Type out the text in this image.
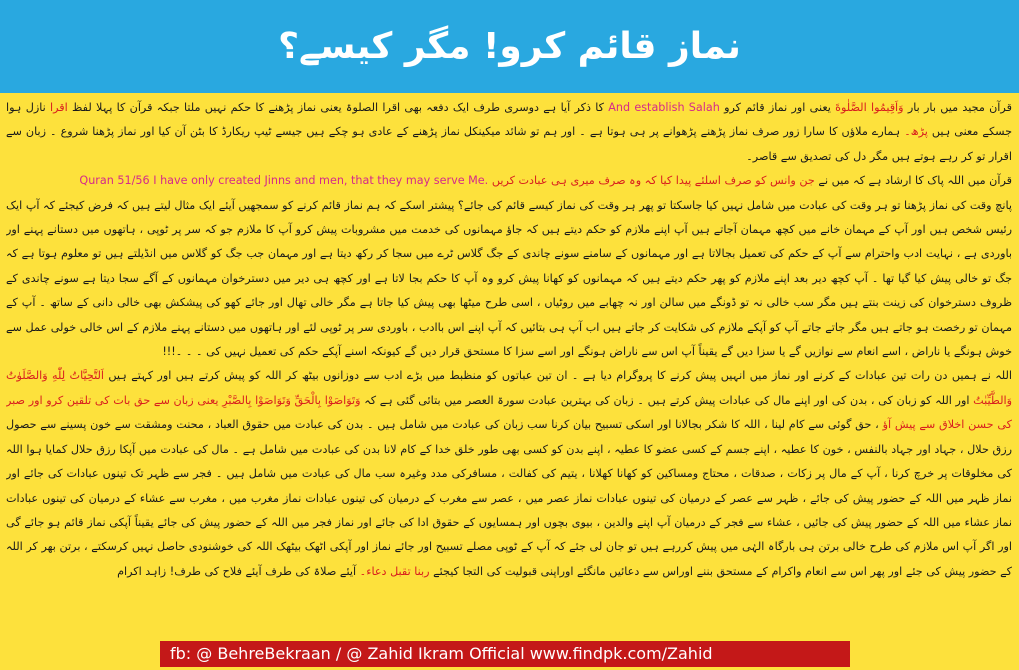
نماز قائم کرو! مگر کیسے؟

قرآن مجید میں بار بار وَاَقِيمُوا الصَّلٰوةَ یعنی اور نماز قائم کرو And establish Salah کا ذکر آیا ہے دوسری طرف ایک دفعہ بھی اقرا الصلوۃ یعنی نماز پڑھنے کا حکم نہیں ملتا جبکہ قرآن کا پہلا لفظ اقرا نازل ہوا جسکے معنی ہیں پڑھ۔ ہمارے ملاؤں کا سارا زور صرف نماز پڑھنے پڑھوانے پر ہی ہوتا ہے ۔ اور ہم تو شائد میکینکل نماز پڑھنے کے عادی ہو چکے ہیں جیسے ٹیپ ریکارڈ کا بٹن آن کیا اور نماز پڑھنا شروع ۔ زبان سے اقرار تو کر رہے ہوتے ہیں مگر دل کی تصدیق سے قاصر۔

قرآن میں اللہ پاک کا ارشاد ہے کہ میں نے جن وانس کو صرف اسلئے پیدا کیا کہ وہ صرف میری ہی عبادت کریں Quran 51/56 I have only created Jinns and men, that they may serve Me.

پانچ وقت کی نماز پڑھنا تو ہر وقت کی عبادت میں شامل نہیں کیا جاسکتا تو پھر ہر وقت کی نماز کیسے قائم کی جائے؟ پیشتر اسکے کہ ہم نماز قائم کرنے کو سمجھیں آیئے ایک مثال لیتے ہیں کہ فرض کیجئے کہ آپ ایک رئیس شخص ہیں اور آپ کے مہمان خانے میں کچھ مہمان آجاتے ہیں آپ اپنے ملازم کو حکم دیتے ہیں کہ جاؤ مہمانوں کی خدمت میں مشروبات پیش کرو آپ کا ملازم جو کہ سر پر ٹوپی ، ہاتھوں میں دستانے پہنے اور باوردی ہے ، نہایت ادب واحترام سے آپ کے حکم کی تعمیل بجالاتا ہے اور مہمانوں کے سامنے سونے چاندی کے جگ گلاس ٹرے میں سجا کر رکھ دیتا ہے اور مہمان جب جگ کو گلاس میں انڈیلتے ہیں تو معلوم ہوتا ہے کہ جگ تو خالی پیش کیا گیا تھا ۔ آپ کچھ دیر بعد اپنے ملازم کو پھر حکم دیتے ہیں کہ مہمانوں کو کھانا پیش کرو وہ آپ کا حکم بجا لاتا ہے اور کچھ ہی دیر میں دسترخوان مہمانوں کے آگے سجا دیتا ہے سونے چاندی کے ظروف دسترخوان کی زینت بنتے ہیں مگر سب خالی نہ تو ڈونگے میں سالن اور نہ چھابے میں روٹیاں ، اسی طرح میٹھا بھی پیش کیا جاتا ہے مگر خالی تھال اور جائے کھو کی پیشکش بھی خالی دانی کے ساتھ ۔ آپ کے مہمان تو رخصت ہو جاتے ہیں مگر جاتے جاتے آپ کو آپکے ملازم کی شکایت کر جاتے ہیں اب آپ ہی بتائیں کہ آپ اپنے اس باادب ، باوردی سر پر ٹوپی لئے اور ہاتھوں میں دستانے پہنے ملازم کے اس خالی خولی عمل سے خوش ہونگے یا ناراض ، اسے انعام سے نوازیں گے یا سزا دیں گے یقیناً آپ اس سے ناراض ہونگے اور اسے سزا کا مستحق قرار دیں گے کیونکہ اسنے آپکے حکم کی تعمیل نہیں کی ۔ ۔ ۔!!!

اللہ نے ہمیں دن رات تین عبادات کے کرنے اور نماز میں انہیں پیش کرنے کا پروگرام دیا ہے ۔ ان تین عباتوں کو منظبط میں بڑے ادب سے دوزانوں بیٹھ کر اللہ کو پیش کرتے ہیں اور کہتے ہیں اَلتَّحِيَّاتُ لِلّٰهِ وَالصَّلَوٰتُ وَالطَّيِّبٰتُ اور اللہ کو زبان کی ، بدن کی اور اپنے مال کی عبادات پیش کرتے ہیں ۔ زبان کی بہترین عبادت سورۃ العصر میں بتائی گئی ہے کہ وَتَوَاصَوْا بِالْحَقِّ وَتَوَاصَوْا بِالصَّبْرِ یعنی زبان سے حق بات کی تلقین کرو اور صبر کی حسن اخلاق سے پیش آؤ ، حق گوئی سے کام لینا ، اللہ کا شکر بجالانا اور اسکی تسبیح بیان کرنا سب زبان کی عبادت میں شامل ہیں ۔ بدن کی عبادت میں حقوق العباد ، محنت ومشقت سے خون پسینے سے حصول رزق حلال ، جہاد اور جہاد بالنفس ، خون کا عطیہ ، اپنے جسم کے کسی عضو کا عطیہ ، اپنے بدن کو کسی بھی طور خلق خدا کے کام لانا بدن کی عبادت میں شامل ہے ۔ مال کی عبادت میں آپکا رزق حلال کمایا ہوا اللہ کی مخلوقات پر خرچ کرنا ، آپ کے مال پر زکات ، صدقات ، محتاج ومساکین کو کھانا کھلانا ، یتیم کی کفالت ، مسافرکی مدد وغیرہ سب مال کی عبادت میں شامل ہیں ۔ فجر سے ظہر تک تینوں عبادات کی جائے اور نماز ظہر میں اللہ کے حضور پیش کی جائے ، ظہر سے عصر کے درمیان کی تینوں عبادات نماز عصر میں ، عصر سے مغرب کے درمیان کی تینوں عبادات نماز مغرب میں ، مغرب سے عشاء کے درمیان کی تینوں عبادات نماز عشاء میں اللہ کے حضور پیش کی جائیں ، عشاء سے فجر کے درمیان آپ اپنے والدین ، بیوی بچوں اور ہمسایوں کے حقوق ادا کی جائے اور نماز فجر میں اللہ کے حضور پیش کی جائے یقیناً آپکی نماز قائم ہو جائے گی اور اگر آپ اس ملازم کی طرح خالی برتن ہی بارگاہ الہٰی میں پیش کررہے ہیں تو جان لی جئے کہ آپ کے ٹوپی مصلے تسبیح اور جائے نماز اور آپکی اٹھک بیٹھک اللہ کی خوشنودی حاصل نہیں کرسکتے ، برتن بھر کر اللہ کے حضور پیش کی جئے اور پھر اس سے انعام واکرام کے مستحق بننے اوراس سے دعائیں مانگئے اوراپنی قبولیت کی التجا کیجئے ربنا تقبل دعاء۔ آیئے صلاۃ کی طرف آیئے فلاح کی طرف! زاہد اکرام

fb: @ BehreBekraan / @ Zahid Ikram Official www.findpk.com/Zahid
